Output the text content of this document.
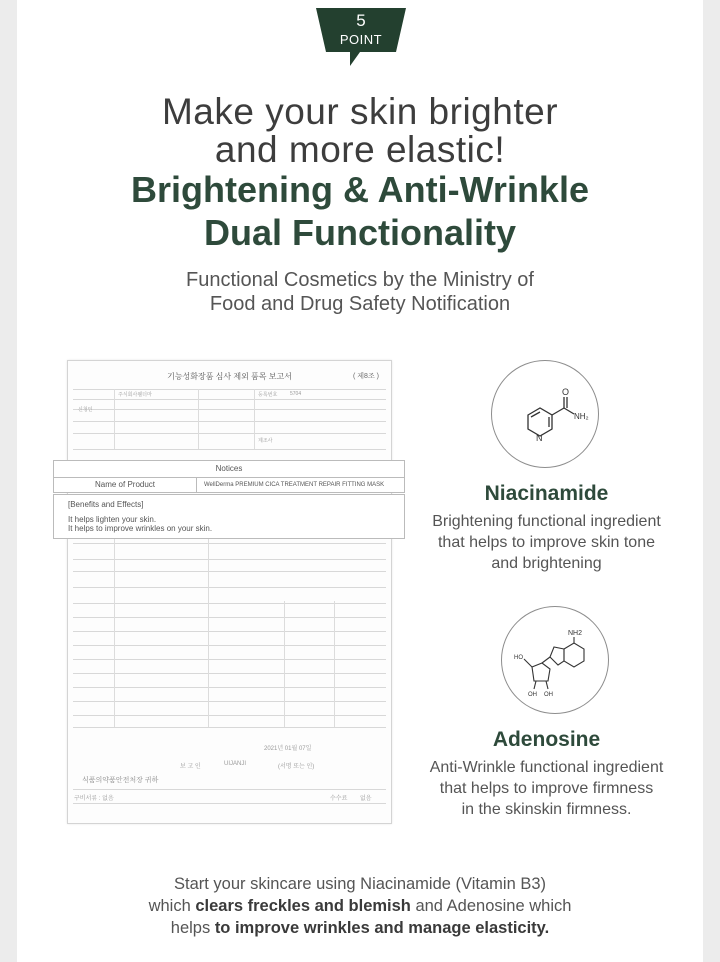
5
POINT
Make your skin brighter
and more elastic!
Brightening & Anti-Wrinkle
Dual Functionality
Functional Cosmetics by the Ministry of
Food and Drug Safety Notification
기능성화장품 심사 제외 품목 보고서	( 제8조 )
주식회사웰더마	등록번호	5704
신청인
제조사
2021년 01월 07일
보 고 인	UIJANJI	(서명 또는 인)
식품의약품안전처장 귀하
구비서류 : 없음	수수료 없음
Notices
Name of Product	WellDerma PREMIUM CICA TREATMENT REPAIR FITTING MASK
[Benefits and Effects]
It helps lighten your skin.
It helps to improve wrinkles on your skin.
O
NH₂
N
Niacinamide
Brightening functional ingredient
that helps to improve skin tone
and brightening
NH2
HO
OH OH
Adenosine
Anti-Wrinkle functional ingredient
that helps to improve firmness
in the skinskin firmness.
Start your skincare using Niacinamide (Vitamin B3)
which clears freckles and blemish and Adenosine which
helps to improve wrinkles and manage elasticity.
